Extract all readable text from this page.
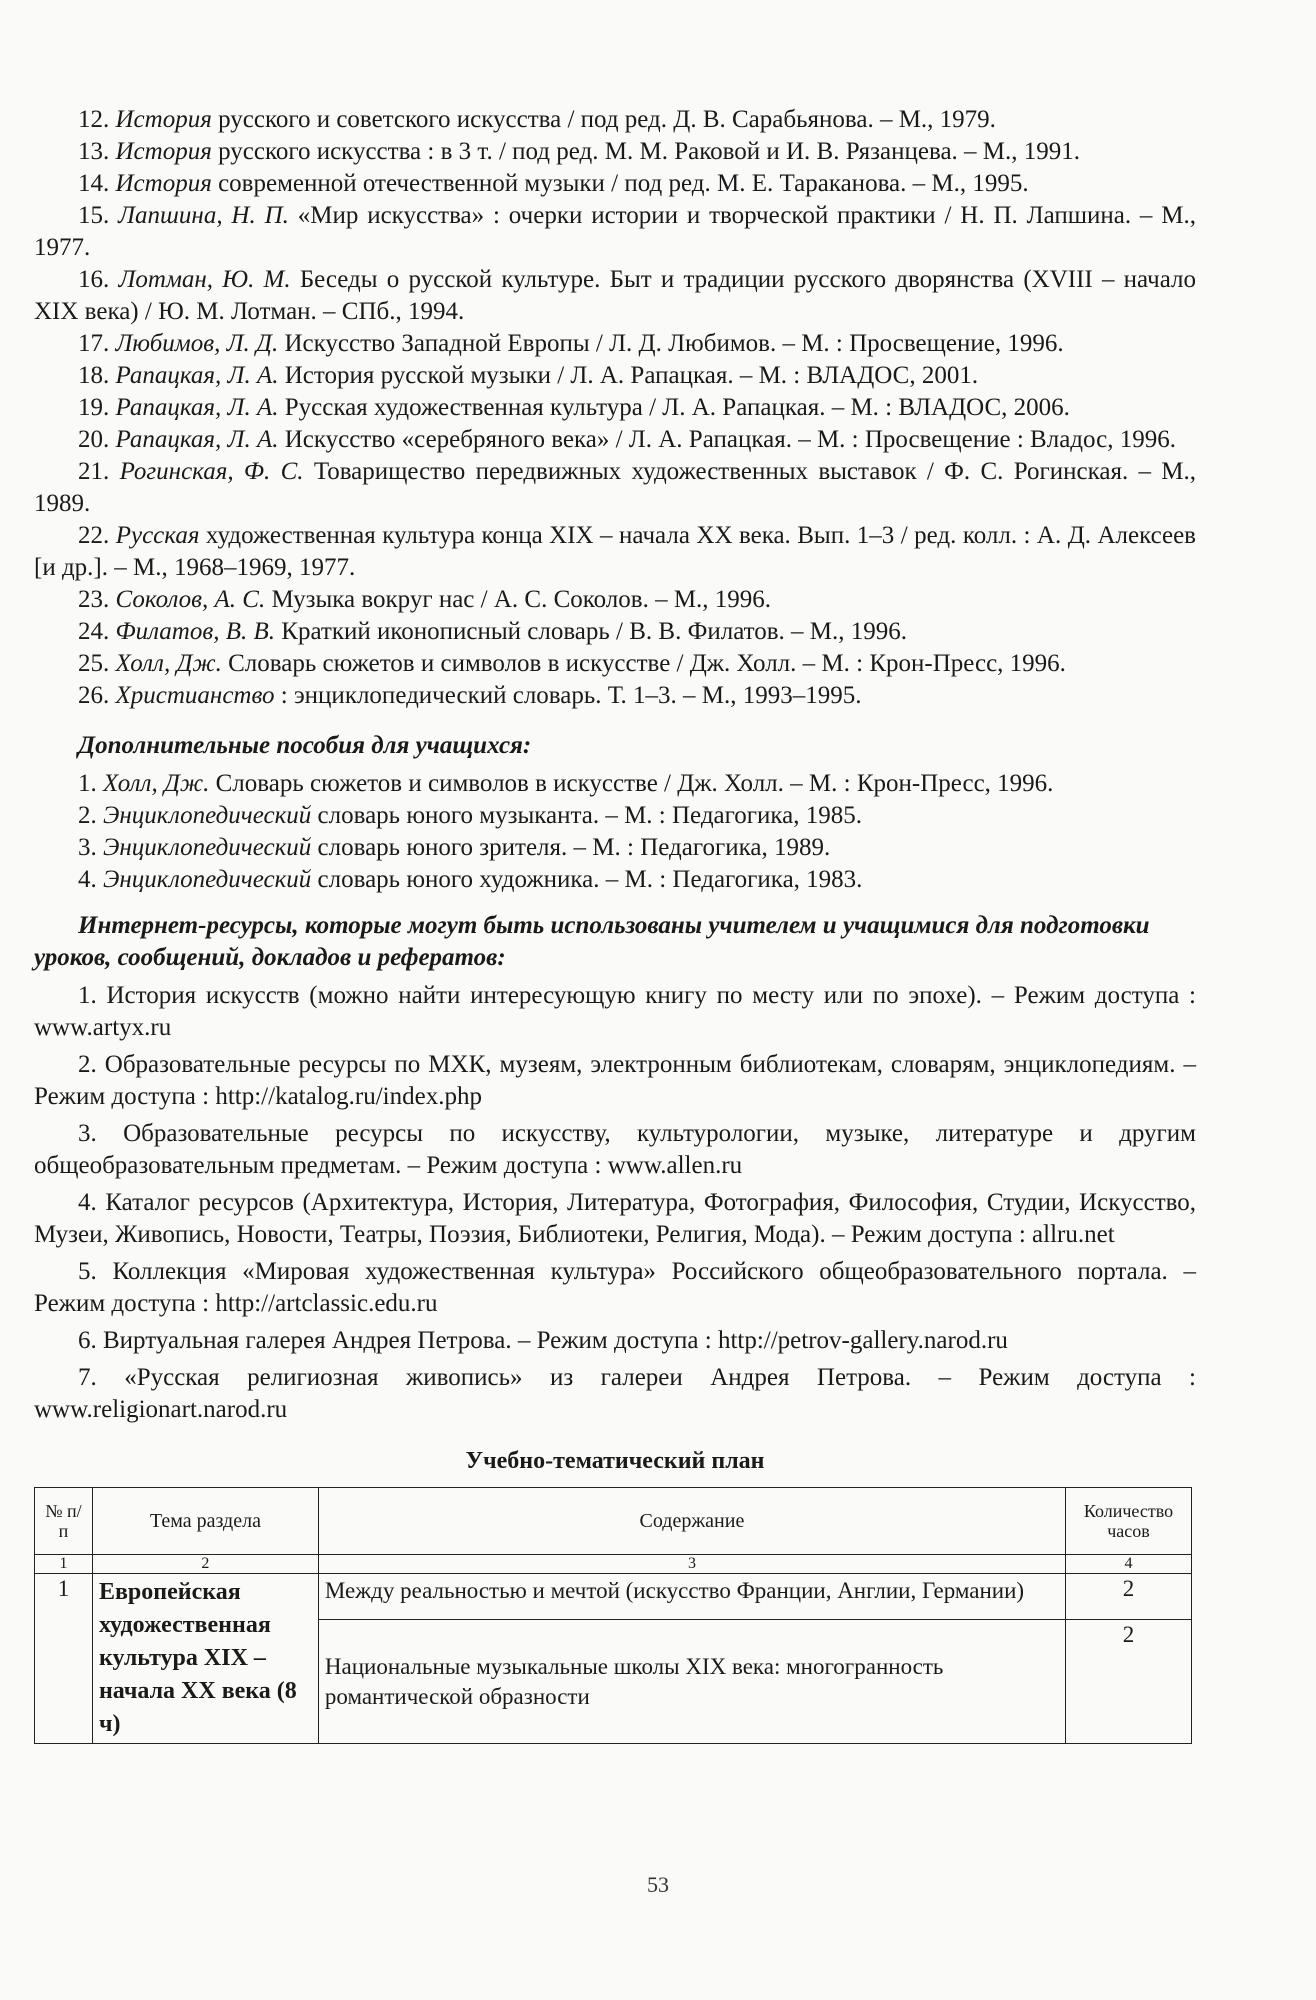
12. История русского и советского искусства / под ред. Д. В. Сарабьянова. – М., 1979.

13. История русского искусства : в 3 т. / под ред. М. М. Раковой и И. В. Рязанцева. – М., 1991.

14. История современной отечественной музыки / под ред. М. Е. Тараканова. – М., 1995.

15. Лапшина, Н. П. «Мир искусства» : очерки истории и творческой практики / Н. П. Лапшина. – М., 1977.

16. Лотман, Ю. М. Беседы о русской культуре. Быт и традиции русского дворянства (XVIII – начало XIX века) / Ю. М. Лотман. – СПб., 1994.

17. Любимов, Л. Д. Искусство Западной Европы / Л. Д. Любимов. – М. : Просвещение, 1996.

18. Рапацкая, Л. А. История русской музыки / Л. А. Рапацкая. – М. : ВЛАДОС, 2001.

19. Рапацкая, Л. А. Русская художественная культура / Л. А. Рапацкая. – М. : ВЛАДОС, 2006.

20. Рапацкая, Л. А. Искусство «серебряного века» / Л. А. Рапацкая. – М. : Просвещение : Владос, 1996.

21. Рогинская, Ф. С. Товарищество передвижных художественных выставок / Ф. С. Рогинская. – М., 1989.

22. Русская художественная культура конца XIX – начала XX века. Вып. 1–3 / ред. колл. : А. Д. Алексеев [и др.]. – М., 1968–1969, 1977.

23. Соколов, А. С. Музыка вокруг нас / А. С. Соколов. – М., 1996.

24. Филатов, В. В. Краткий иконописный словарь / В. В. Филатов. – М., 1996.

25. Холл, Дж. Словарь сюжетов и символов в искусстве / Дж. Холл. – М. : Крон-Пресс, 1996.

26. Христианство : энциклопедический словарь. Т. 1–3. – М., 1993–1995.

Дополнительные пособия для учащихся:

1. Холл, Дж. Словарь сюжетов и символов в искусстве / Дж. Холл. – М. : Крон-Пресс, 1996.

2. Энциклопедический словарь юного музыканта. – М. : Педагогика, 1985.

3. Энциклопедический словарь юного зрителя. – М. : Педагогика, 1989.

4. Энциклопедический словарь юного художника. – М. : Педагогика, 1983.

Интернет-ресурсы, которые могут быть использованы учителем и учащимися для подготовки уроков, сообщений, докладов и рефератов:

1. История искусств (можно найти интересующую книгу по месту или по эпохе). – Режим доступа : www.artyx.ru

2. Образовательные ресурсы по МХК, музеям, электронным библиотекам, словарям, энциклопедиям. – Режим доступа : http://katalog.ru/index.php

3. Образовательные ресурсы по искусству, культурологии, музыке, литературе и другим общеобразовательным предметам. – Режим доступа : www.allen.ru

4. Каталог ресурсов (Архитектура, История, Литература, Фотография, Философия, Студии, Искусство, Музеи, Живопись, Новости, Театры, Поэзия, Библиотеки, Религия, Мода). – Режим доступа : allru.net

5. Коллекция «Мировая художественная культура» Российского общеобразовательного портала. – Режим доступа : http://artclassic.edu.ru

6. Виртуальная галерея Андрея Петрова. – Режим доступа : http://petrov-gallery.narod.ru

7. «Русская религиозная живопись» из галереи Андрея Петрова. – Режим доступа : www.religionart.narod.ru

Учебно-тематический план
№ п/п	Тема раздела	Содержание	Количество часов
1	2	3	4
1	Европейская художественная культура XIX – начала XX века (8 ч)	Между реальностью и мечтой (искусство Франции, Англии, Германии)	2
		Национальные музыкальные школы XIX века: многогранность романтической образности	2
53
